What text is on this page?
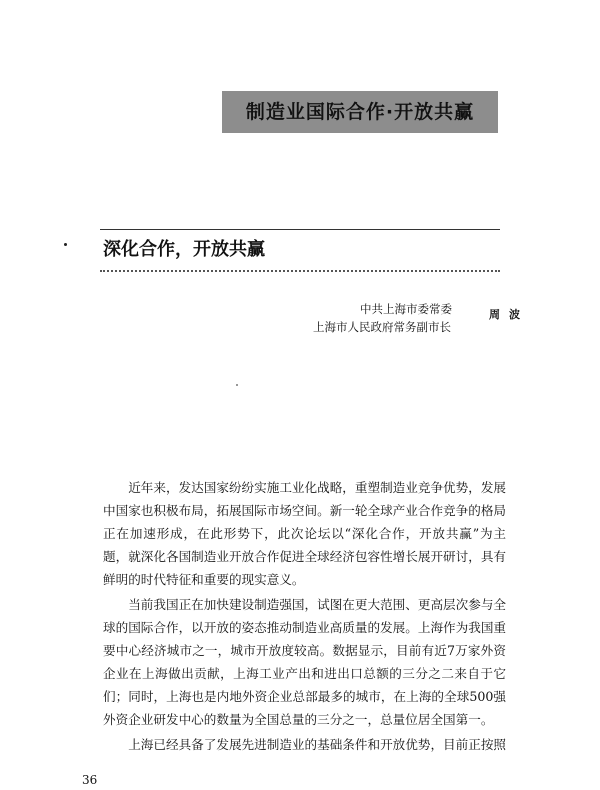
制造业国际合作·开放共赢
深化合作，开放共赢
中共上海市委常委
上海市人民政府常务副市长
周波

近年来，发达国家纷纷实施工业化战略，重塑制造业竞争优势，发展中国家也积极布局，拓展国际市场空间。新一轮全球产业合作竞争的格局正在加速形成，在此形势下，此次论坛以“深化合作，开放共赢”为主题，就深化各国制造业开放合作促进全球经济包容性增长展开研讨，具有鲜明的时代特征和重要的现实意义。

当前我国正在加快建设制造强国，试图在更大范围、更高层次参与全球的国际合作，以开放的姿态推动制造业高质量的发展。上海作为我国重要中心经济城市之一，城市开放度较高。数据显示，目前有近7万家外资企业在上海做出贡献，上海工业产出和进出口总额的三分之二来自于它们；同时，上海也是内地外资企业总部最多的城市，在上海的全球500强外资企业研发中心的数量为全国总量的三分之一，总量位居全国第一。

上海已经具备了发展先进制造业的基础条件和开放优势，目前正按照

36
